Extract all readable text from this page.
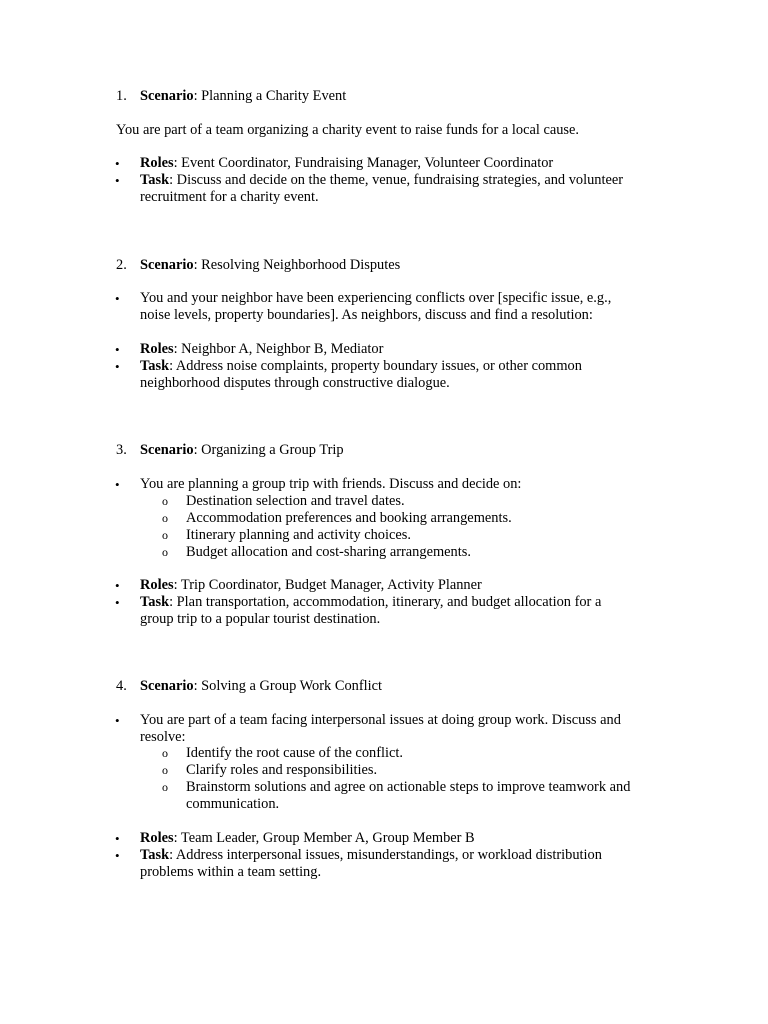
1. Scenario: Planning a Charity Event
You are part of a team organizing a charity event to raise funds for a local cause.
• Roles: Event Coordinator, Fundraising Manager, Volunteer Coordinator
• Task: Discuss and decide on the theme, venue, fundraising strategies, and volunteer
recruitment for a charity event.
2. Scenario: Resolving Neighborhood Disputes
• You and your neighbor have been experiencing conflicts over [specific issue, e.g.,
noise levels, property boundaries]. As neighbors, discuss and find a resolution:
• Roles: Neighbor A, Neighbor B, Mediator
• Task: Address noise complaints, property boundary issues, or other common
neighborhood disputes through constructive dialogue.
3. Scenario: Organizing a Group Trip
• You are planning a group trip with friends. Discuss and decide on:
o Destination selection and travel dates.
o Accommodation preferences and booking arrangements.
o Itinerary planning and activity choices.
o Budget allocation and cost-sharing arrangements.
• Roles: Trip Coordinator, Budget Manager, Activity Planner
• Task: Plan transportation, accommodation, itinerary, and budget allocation for a
group trip to a popular tourist destination.
4. Scenario: Solving a Group Work Conflict
• You are part of a team facing interpersonal issues at doing group work. Discuss and
resolve:
o Identify the root cause of the conflict.
o Clarify roles and responsibilities.
o Brainstorm solutions and agree on actionable steps to improve teamwork and
communication.
• Roles: Team Leader, Group Member A, Group Member B
• Task: Address interpersonal issues, misunderstandings, or workload distribution
problems within a team setting.
